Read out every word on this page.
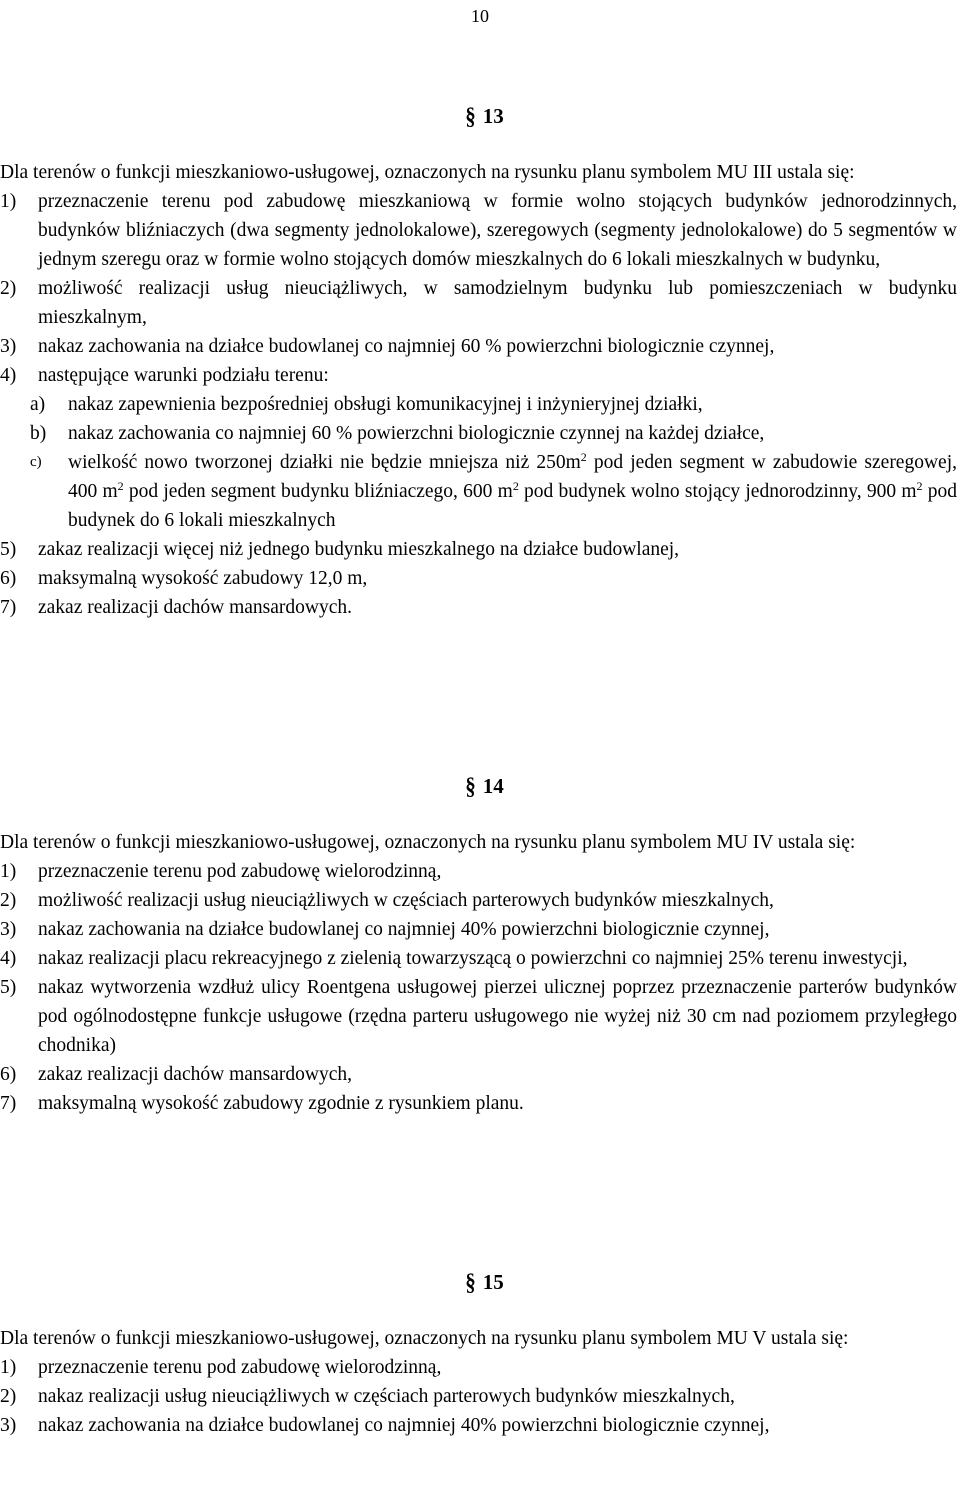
10
§ 13

Dla terenów o funkcji mieszkaniowo-usługowej, oznaczonych na rysunku planu symbolem MU III ustala się:

1)	przeznaczenie terenu pod zabudowę mieszkaniową w formie wolno stojących budynków jednorodzinnych, budynków bliźniaczych (dwa segmenty jednolokalowe), szeregowych (segmenty jednolokalowe) do 5 segmentów w jednym szeregu oraz w formie wolno stojących domów mieszkalnych do 6 lokali mieszkalnych w budynku,
2)	możliwość realizacji usług nieuciążliwych, w samodzielnym budynku lub pomieszczeniach w budynku mieszkalnym,
3)	nakaz zachowania na działce budowlanej co najmniej 60 % powierzchni biologicznie czynnej,
4)	następujące warunki podziału terenu:
a)	nakaz zapewnienia bezpośredniej obsługi komunikacyjnej i inżynieryjnej działki,
b)	nakaz zachowania co najmniej 60 % powierzchni biologicznie czynnej na każdej działce,
c)	wielkość nowo tworzonej działki nie będzie mniejsza niż $250m^2$ pod jeden segment w zabudowie szeregowej, 400 $m^2$ pod jeden segment budynku bliźniaczego, 600 $m^2$ pod budynek wolno stojący jednorodzinny, 900 $m^2$ pod budynek do 6 lokali mieszkalnych
5)	zakaz realizacji więcej niż jednego budynku mieszkalnego na działce budowlanej,
6)	maksymalną wysokość zabudowy 12,0 m,
7)	zakaz realizacji dachów mansardowych.
§ 14

Dla terenów o funkcji mieszkaniowo-usługowej, oznaczonych na rysunku planu symbolem MU IV ustala się:

1)	przeznaczenie terenu pod zabudowę wielorodzinną,
2)	możliwość realizacji usług nieuciążliwych w częściach parterowych budynków mieszkalnych,
3)	nakaz zachowania na działce budowlanej co najmniej 40% powierzchni biologicznie czynnej,
4)	nakaz realizacji placu rekreacyjnego z zielenią towarzyszącą o powierzchni co najmniej 25% terenu inwestycji,
5)	nakaz wytworzenia wzdłuż ulicy Roentgena usługowej pierzei ulicznej poprzez przeznaczenie parterów budynków pod ogólnodostępne funkcje usługowe (rzędna parteru usługowego nie wyżej niż 30 cm nad poziomem przyległego chodnika)
6)	zakaz realizacji dachów mansardowych,
7)	maksymalną wysokość zabudowy zgodnie z rysunkiem planu.
§ 15

Dla terenów o funkcji mieszkaniowo-usługowej, oznaczonych na rysunku planu symbolem MU V ustala się:

1)	przeznaczenie terenu pod zabudowę wielorodzinną,
2)	nakaz realizacji usług nieuciążliwych w częściach parterowych budynków mieszkalnych,
3)	nakaz zachowania na działce budowlanej co najmniej 40% powierzchni biologicznie czynnej,
